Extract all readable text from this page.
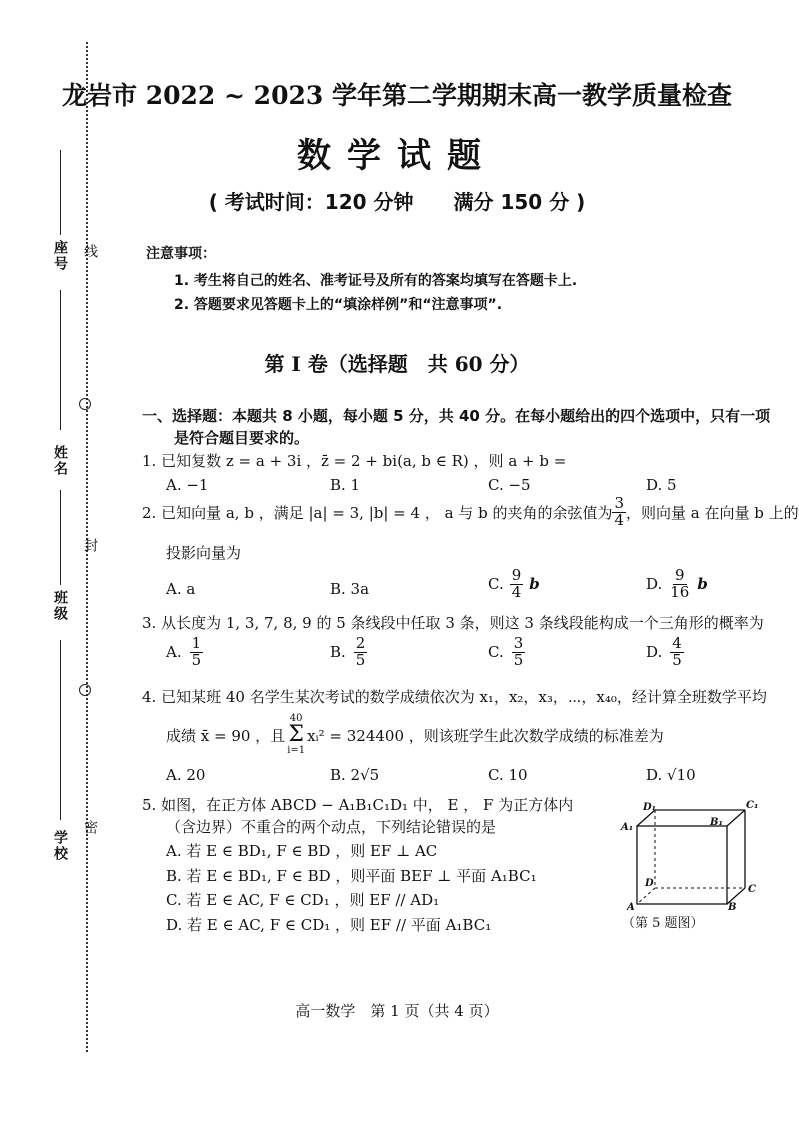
座号 线
姓名
封
班级
学校
密
龙岩市 2022 ~ 2023 学年第二学期期末高一教学质量检查
数学试题
( 考试时间：120 分钟　　满分 150 分 )
注意事项：
1. 考生将自己的姓名、准考证号及所有的答案均填写在答题卡上.
2. 答题要求见答题卡上的“填涂样例”和“注意事项”.
第 I 卷（选择题　共 60 分）
一、选择题：本题共 8 小题，每小题 5 分，共 40 分。在每小题给出的四个选项中，只有一项
是符合题目要求的。
1. 已知复数 z = a + 3i ，z̄ = 2 + bi(a, b ∈ R) ，则 a + b =
A. −1	B. 1	C. −5	D. 5
2. 已知向量 a, b ，满足 |a| = 3, |b| = 4 ， a 与 b 的夹角的余弦值为 $\frac{3}{4}$ ，则向量 a 在向量 b 上的
投影向量为
A. a	B. 3a	C. $\frac{9}{4}$ b	D. $\frac{9}{16}$ b
3. 从长度为 1, 3, 7, 8, 9 的 5 条线段中任取 3 条，则这 3 条线段能构成一个三角形的概率为
A. $\frac{1}{5}$	B. $\frac{2}{5}$	C. $\frac{3}{5}$	D. $\frac{4}{5}$
4. 已知某班 40 名学生某次考试的数学成绩依次为 x₁，x₂，x₃，⋯，x₄₀，经计算全班数学平均
成绩 x̄ = 90 ，且
40
Σ
i=1
xᵢ² = 324400 ，则该班学生此次数学成绩的标准差为
A. 20	B. 2√5	C. 10	D. √10
5. 如图，在正方体 ABCD − A₁B₁C₁D₁ 中， E ， F 为正方体内
（含边界）不重合的两个动点，下列结论错误的是
A. 若 E ∈ BD₁, F ∈ BD ，则 EF ⊥ AC
B. 若 E ∈ BD₁, F ∈ BD ，则平面 BEF ⊥ 平面 A₁BC₁
C. 若 E ∈ AC, F ∈ CD₁ ，则 EF // AD₁
D. 若 E ∈ AC, F ∈ CD₁ ，则 EF // 平面 A₁BC₁
D₁	C₁
A₁	B₁
D
C
A	B
（第 5 题图）
高一数学　第 1 页（共 4 页）
